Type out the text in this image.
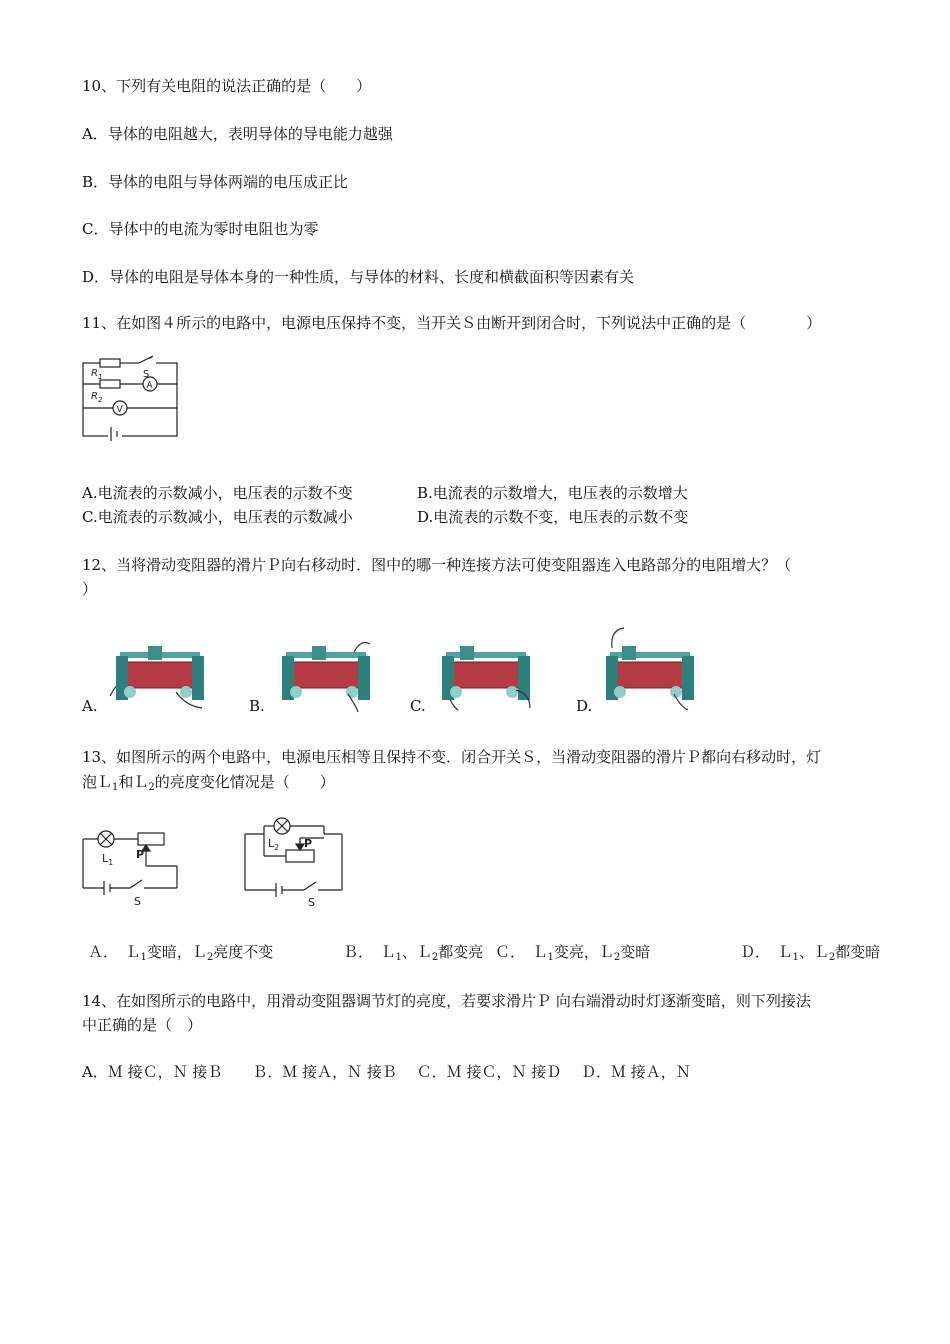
10、下列有关电阻的说法正确的是（　　）
A．导体的电阻越大，表明导体的导电能力越强
B．导体的电阻与导体两端的电压成正比
C．导体中的电流为零时电阻也为零
D．导体的电阻是导体本身的一种性质，与导体的材料、长度和横截面积等因素有关
11、在如图４所示的电路中，电源电压保持不变，当开关Ｓ由断开到闭合时，下列说法中正确的是（　　　　）
$R_1$
$R_2$
S
A
V
A.电流表的示数减小，电压表的示数不变	B.电流表的示数增大，电压表的示数增大
C.电流表的示数减小，电压表的示数减小	D.电流表的示数不变，电压表的示数不变
12、当将滑动变阻器的滑片Ｐ向右移动时．图中的哪一种连接方法可使变阻器连入电路部分的电阻增大？（
）
A.	B.	C.	D.
13、如图所示的两个电路中，电源电压相等且保持不变．闭合开关Ｓ，当滑动变阻器的滑片Ｐ都向右移动时，灯
泡Ｌ$_1$和Ｌ$_2$的亮度变化情况是（　　）
$L_1$
P
S
$L_2$ P
S
Ａ．　Ｌ$_1$变暗，Ｌ$_2$亮度不变	Ｂ．　Ｌ$_1$、Ｌ$_2$都变亮 Ｃ．　Ｌ$_1$变亮，Ｌ$_2$变暗	Ｄ．　Ｌ$_1$、Ｌ$_2$都变暗
14、在如图所示的电路中，用滑动变阻器调节灯的亮度，若要求滑片Ｐ 向右端滑动时灯逐渐变暗，则下列接法
中正确的是（　）
A．Ｍ 接Ｃ，Ｎ 接Ｂ　　Ｂ．Ｍ 接Ａ，Ｎ 接Ｂ　 Ｃ．Ｍ 接Ｃ，Ｎ 接Ｄ　 Ｄ．Ｍ 接Ａ，Ｎ
